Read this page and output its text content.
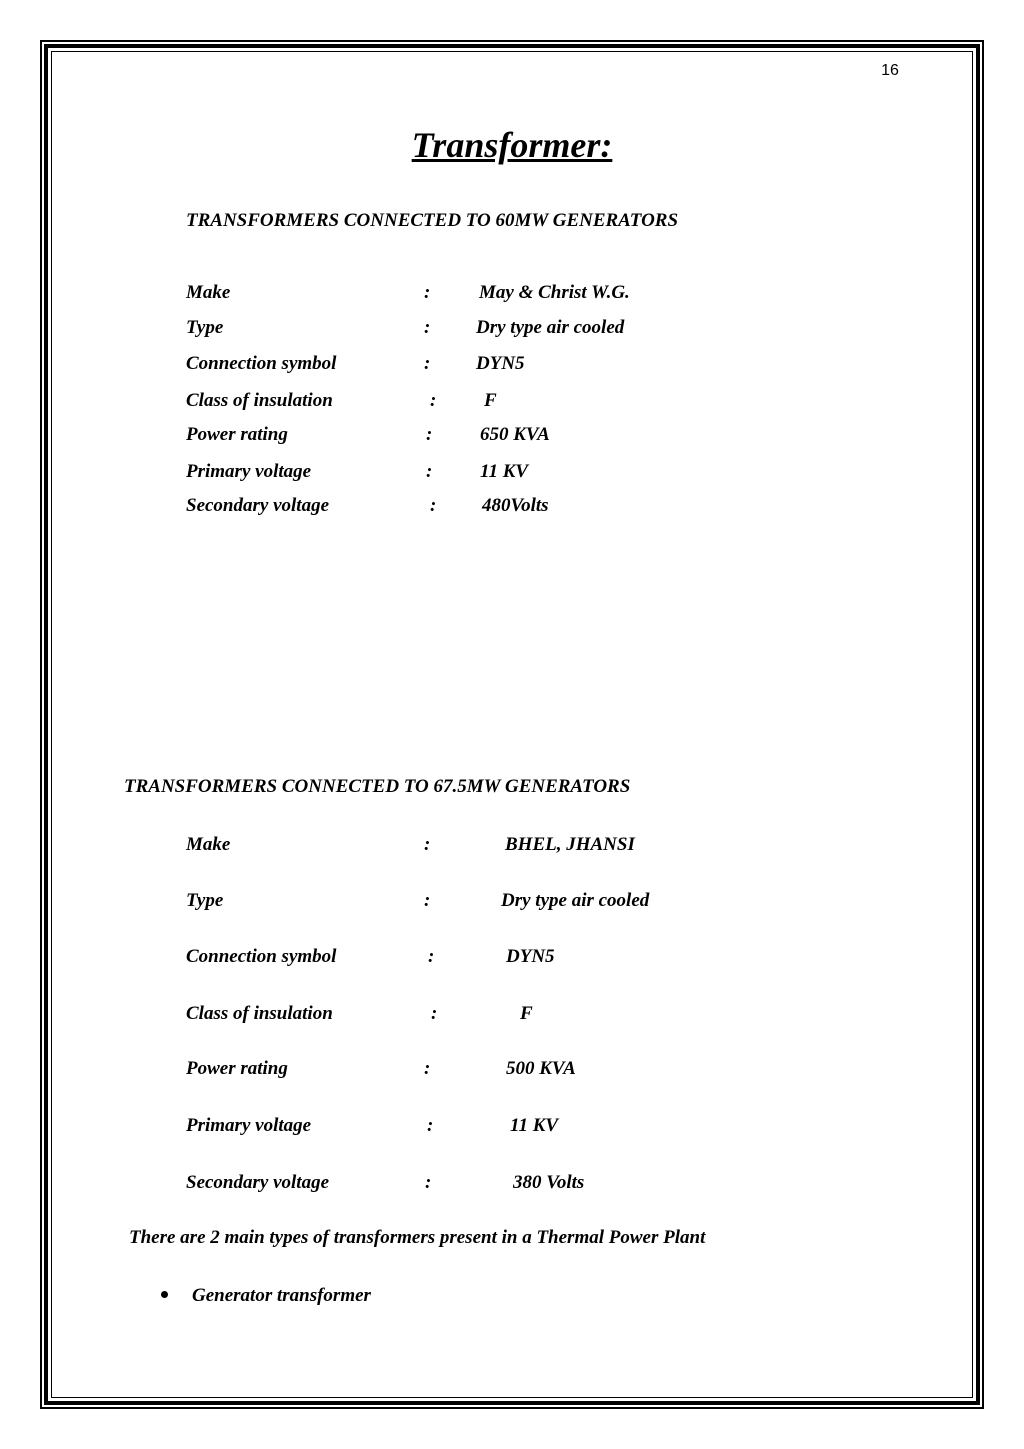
16
Transformer:
TRANSFORMERS CONNECTED TO 60MW GENERATORS
Make	:	May & Christ W.G.
Type	: Dry type air cooled
Connection symbol	: DYN5
Class of insulation	:	F
Power rating	:	650 KVA
Primary voltage	:	11 KV
Secondary voltage	: 480Volts
TRANSFORMERS CONNECTED TO 67.5MW GENERATORS
Make	:	BHEL, JHANSI
Type	:	Dry type air cooled
Connection symbol	:	DYN5
Class of insulation	:	F
Power rating	:	500 KVA
Primary voltage	:	11 KV
Secondary voltage	:	380 Volts
There are 2 main types of transformers present in a Thermal Power Plant
Generator transformer
